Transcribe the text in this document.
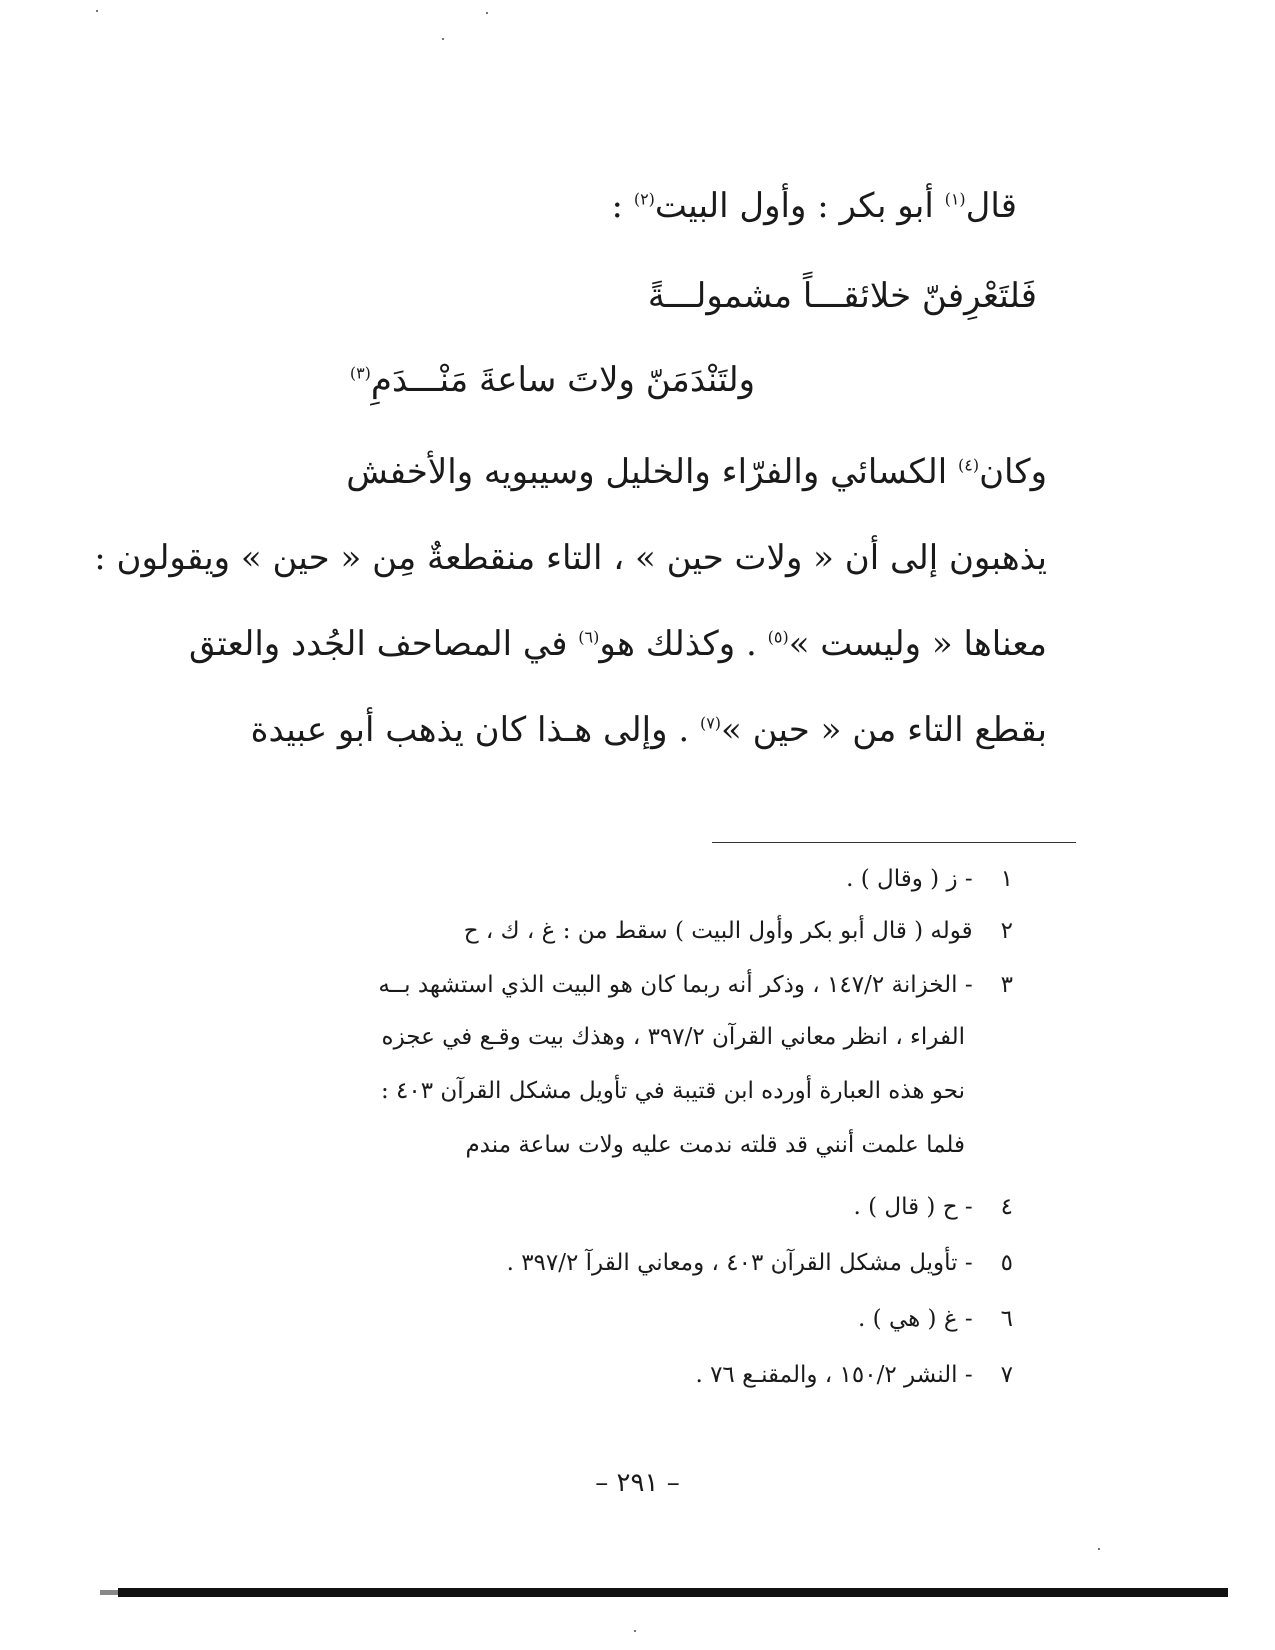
قال$^{(١)}$ أبو بكر : وأول البيت$^{(٢)}$ :
فَلتَعْرِفنّ خلائقـــاً مشمولـــةً
ولتَنْدَمَنّ ولاتَ ساعةَ مَنْـــدَمِ$^{(٣)}$
وكان$^{(٤)}$ الكسائي والفرّاء والخليل وسيبويه والأخفش
يذهبون إلى أن « ولات حين » ، التاء منقطعةٌ مِن « حين » ويقولون :
معناها « وليست »$^{(٥)}$ . وكذلك هو$^{(٦)}$ في المصاحف الجُدد والعتق
بقطع التاء من « حين »$^{(٧)}$ . وإلى هـذا كان يذهب أبو عبيدة
١- ز ( وقال ) .
٢قوله ( قال أبو بكر وأول البيت ) سقط من : غ ، ك ، ح
٣- الخزانة ١٤٧/٢ ، وذكر أنه ربما كان هو البيت الذي استشهد بــه
الفراء ، انظر معاني القرآن ٣٩٧/٢ ، وهذك بيت وقـع في عجزه
نحو هذه العبارة أورده ابن قتيبة في تأويل مشكل القرآن ٤٠٣ :
فلما علمت أنني قد قلته ندمت عليه ولات ساعة مندم
٤- ح ( قال ) .
٥- تأويل مشكل القرآن ٤٠٣ ، ومعاني القرآ ٣٩٧/٢ .
٦- غ ( هي ) .
٧- النشر ١٥٠/٢ ، والمقنـع ٧٦ .
– ٢٩١ –
